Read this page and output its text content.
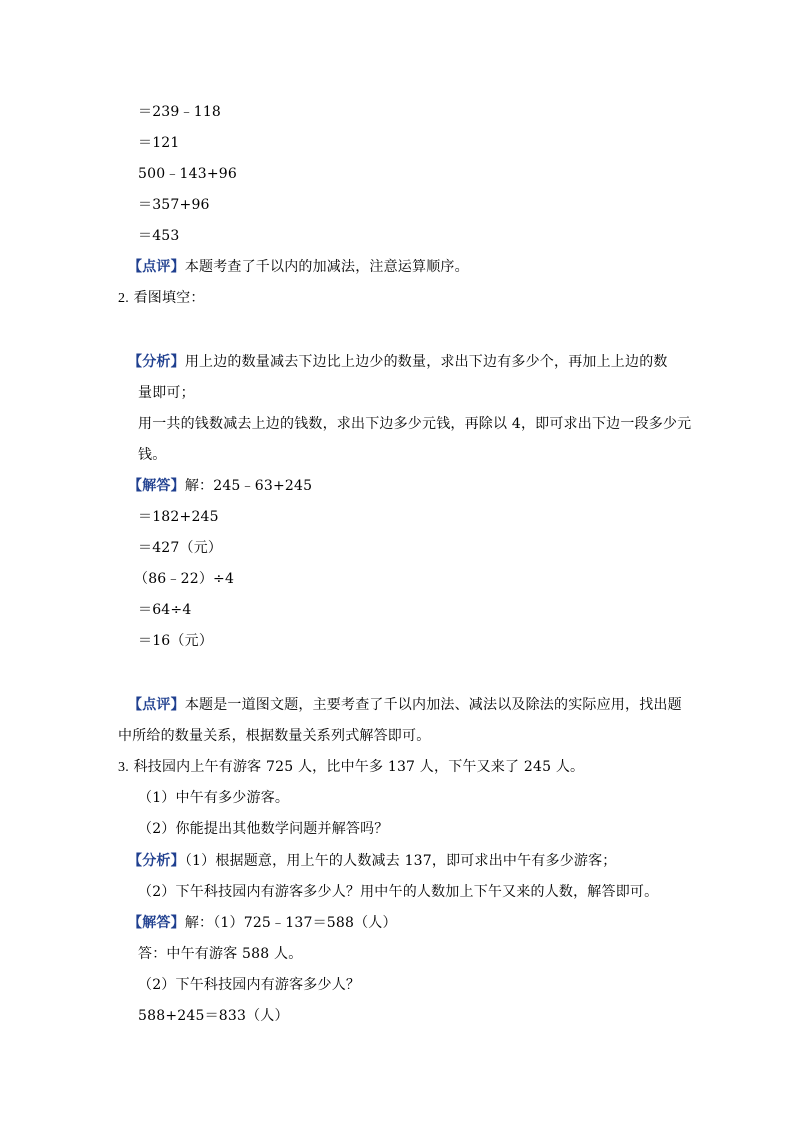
＝239﹣118
＝121
500﹣143+96
＝357+96
＝453
【点评】本题考查了千以内的加减法，注意运算顺序。
2. 看图填空：
【分析】用上边的数量减去下边比上边少的数量，求出下边有多少个，再加上上边的数
量即可；
用一共的钱数减去上边的钱数，求出下边多少元钱，再除以 4，即可求出下边一段多少元
钱。
【解答】解：245﹣63+245
＝182+245
＝427（元）
（86﹣22）÷4
＝64÷4
＝16（元）
【点评】本题是一道图文题，主要考查了千以内加法、减法以及除法的实际应用，找出题
中所给的数量关系，根据数量关系列式解答即可。
3. 科技园内上午有游客 725 人，比中午多 137 人，下午又来了 245 人。
（1）中午有多少游客。
（2）你能提出其他数学问题并解答吗？
【分析】（1）根据题意，用上午的人数减去 137，即可求出中午有多少游客；
（2）下午科技园内有游客多少人？用中午的人数加上下午又来的人数，解答即可。
【解答】解：（1）725﹣137＝588（人）
答：中午有游客 588 人。
（2）下午科技园内有游客多少人？
588+245＝833（人）
